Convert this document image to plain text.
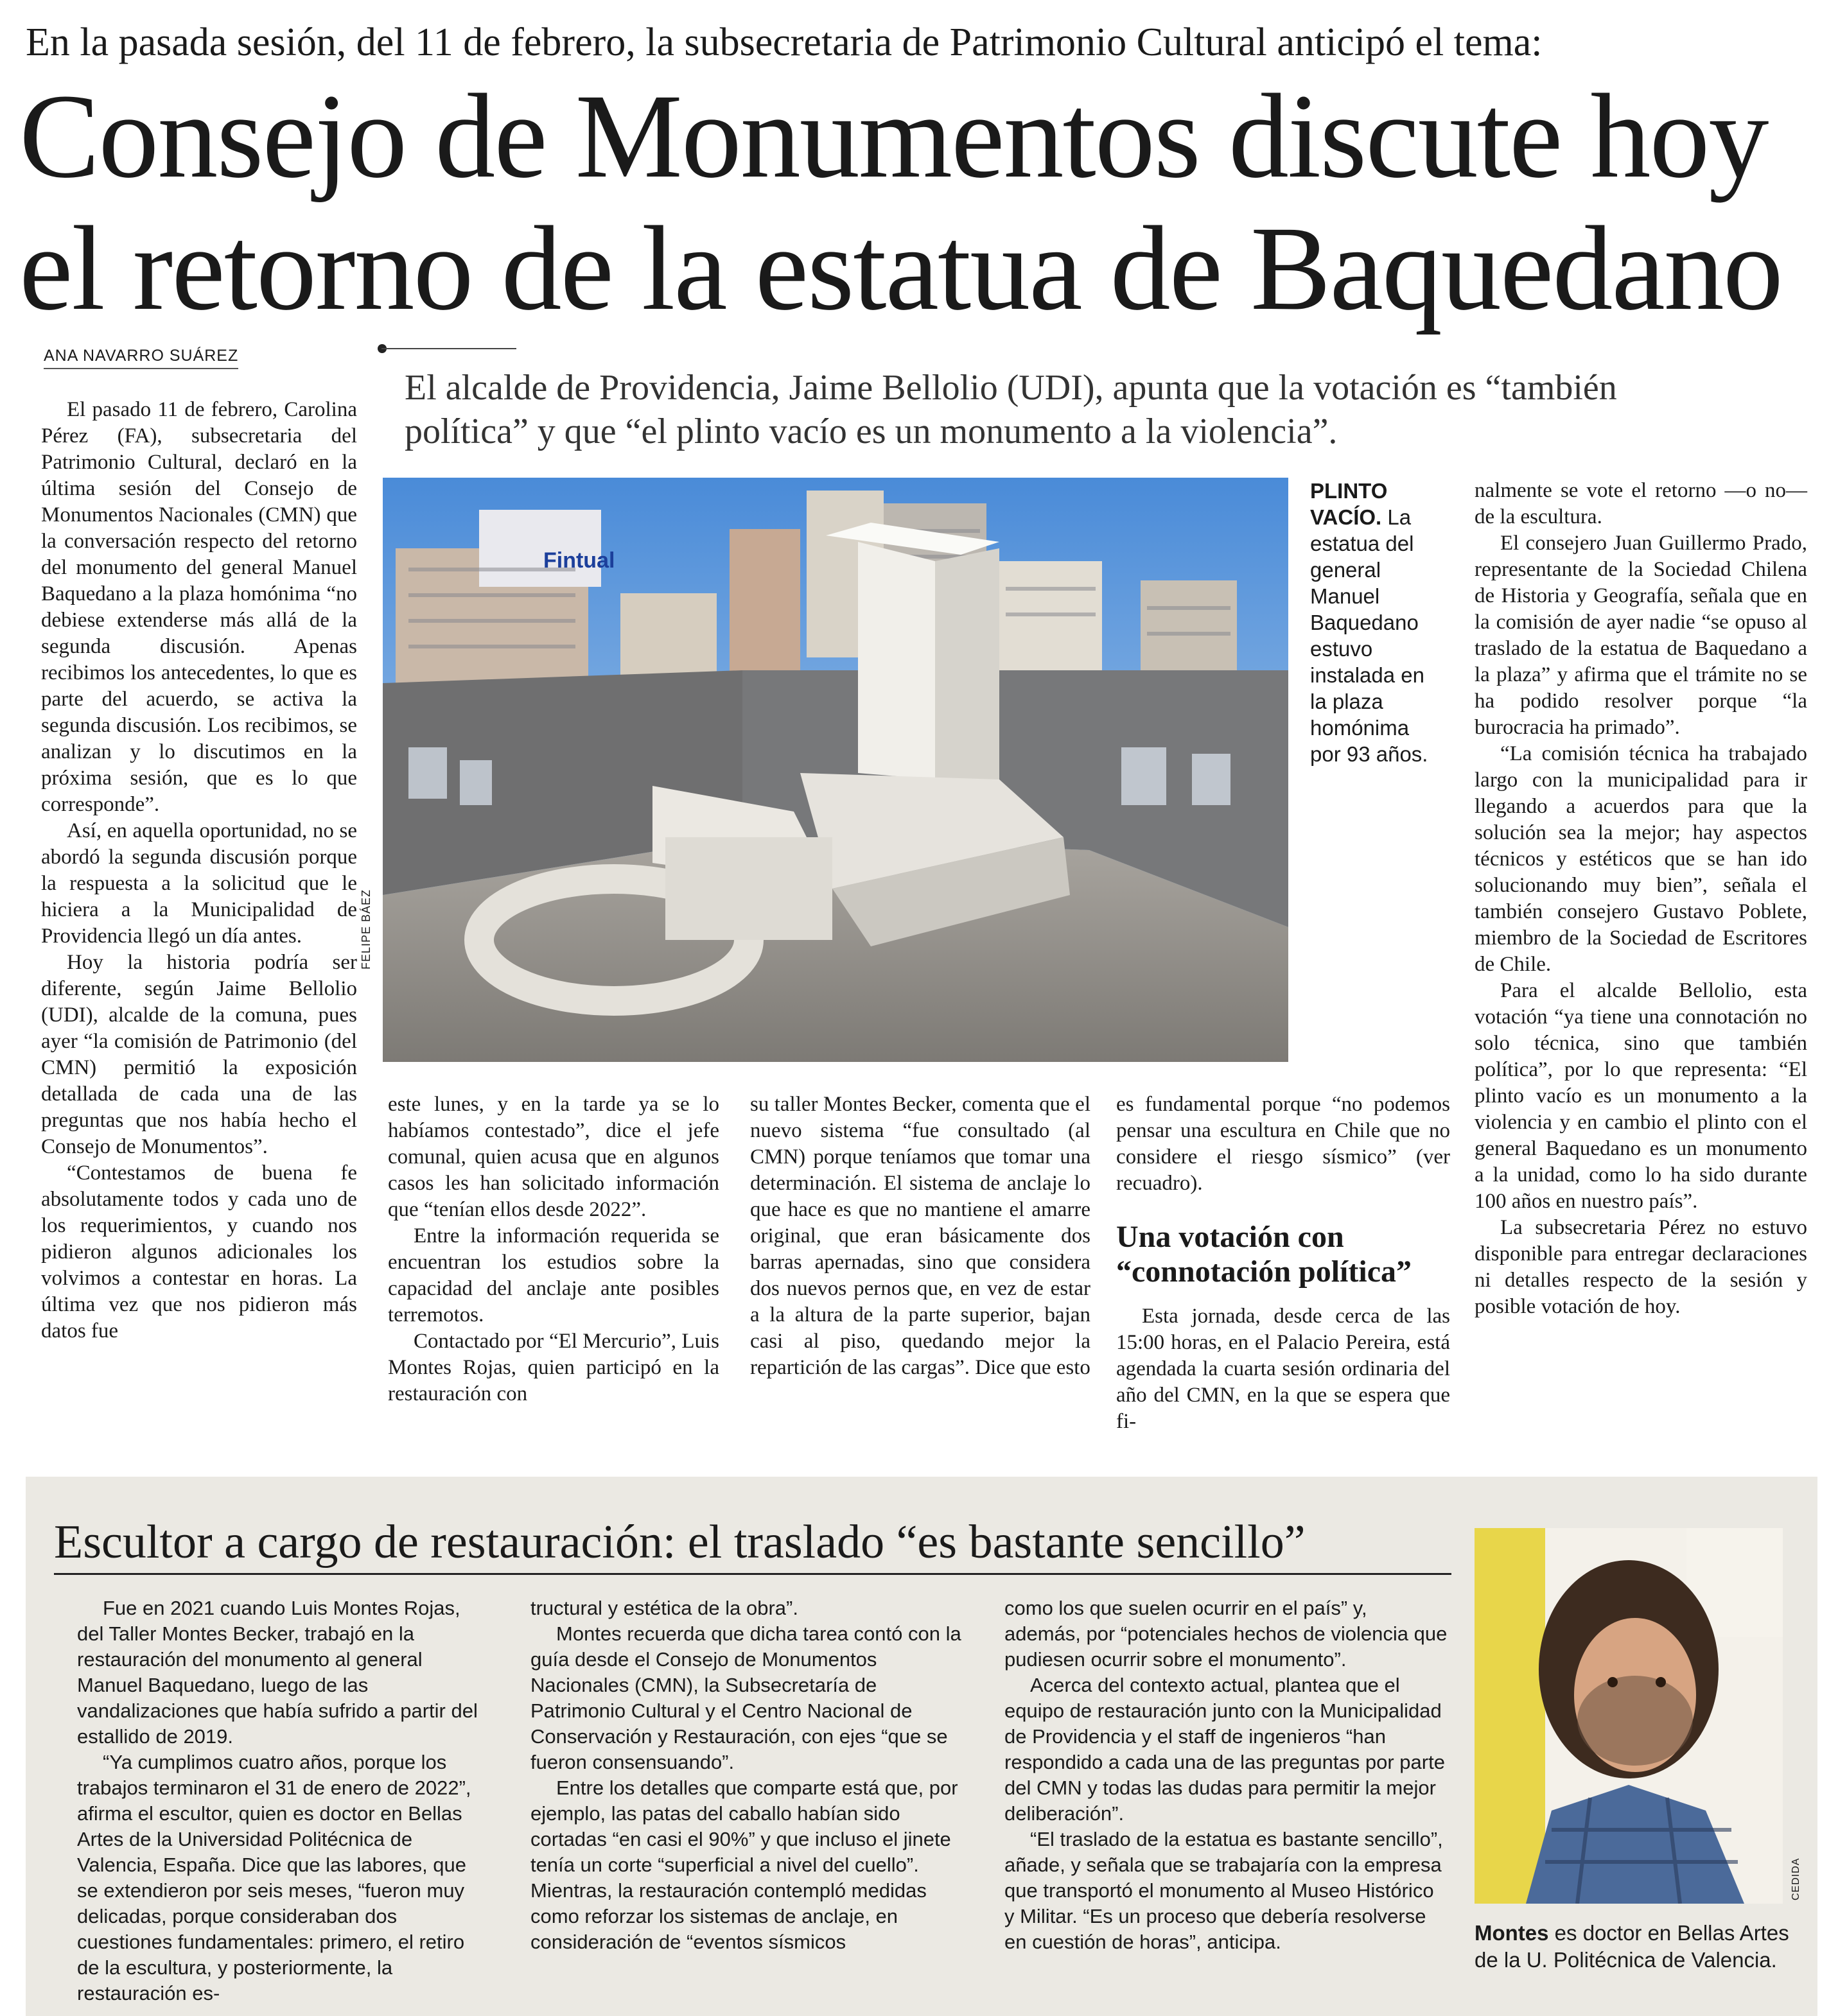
En la pasada sesión, del 11 de febrero, la subsecretaria de Patrimonio Cultural anticipó el tema:
Consejo de Monumentos discute hoy
el retorno de la estatua de Baquedano
ANA NAVARRO SUÁREZ
El alcalde de Providencia, Jaime Bellolio (UDI), apunta que la votación es “también política” y que “el plinto vacío es un monumento a la violencia”.

El pasado 11 de febrero, Carolina Pérez (FA), subsecretaria del Patrimonio Cultural, declaró en la última sesión del Consejo de Monumentos Nacionales (CMN) que la conversación respecto del retorno del monumento del general Manuel Baquedano a la plaza homónima “no debiese extenderse más allá de la segunda discusión. Apenas recibimos los antecedentes, lo que es parte del acuerdo, se activa la segunda discusión. Los recibimos, se analizan y lo discutimos en la próxima sesión, que es lo que corresponde”.

Así, en aquella oportunidad, no se abordó la segunda discusión porque la respuesta a la solicitud que le hiciera a la Municipalidad de Providencia llegó un día antes.

Hoy la historia podría ser diferente, según Jaime Bellolio (UDI), alcalde de la comuna, pues ayer “la comisión de Patrimonio (del CMN) permitió la exposición detallada de cada una de las preguntas que nos había hecho el Consejo de Monumentos”.

“Contestamos de buena fe absolutamente todos y cada uno de los requerimientos, y cuando nos pidieron algunos adicionales los volvimos a contestar en horas. La última vez que nos pidieron más datos fue

Fintual
FELIPE BÁEZ
PLINTO VACÍO. La estatua del general Manuel Baquedano estuvo instalada en la plaza homónima por 93 años.

este lunes, y en la tarde ya se lo habíamos contestado”, dice el jefe comunal, quien acusa que en algunos casos les han solicitado información que “tenían ellos desde 2022”.

Entre la información requerida se encuentran los estudios sobre la capacidad del anclaje ante posibles terremotos.

Contactado por “El Mercurio”, Luis Montes Rojas, quien participó en la restauración con

su taller Montes Becker, comenta que el nuevo sistema “fue consultado (al CMN) porque teníamos que tomar una determinación. El sistema de anclaje lo que hace es que no mantiene el amarre original, que eran básicamente dos barras apernadas, sino que considera dos nuevos pernos que, en vez de estar a la altura de la parte superior, bajan casi al piso, quedando mejor la repartición de las cargas”. Dice que esto

es fundamental porque “no podemos pensar una escultura en Chile que no considere el riesgo sísmico” (ver recuadro).

Una votación con “connotación política”

Esta jornada, desde cerca de las 15:00 horas, en el Palacio Pereira, está agendada la cuarta sesión ordinaria del año del CMN, en la que se espera que fi-

nalmente se vote el retorno —o no— de la escultura.

El consejero Juan Guillermo Prado, representante de la Sociedad Chilena de Historia y Geografía, señala que en la comisión de ayer nadie “se opuso al traslado de la estatua de Baquedano a la plaza” y afirma que el trámite no se ha podido resolver porque “la burocracia ha primado”.

“La comisión técnica ha trabajado largo con la municipalidad para ir llegando a acuerdos para que la solución sea la mejor; hay aspectos técnicos y estéticos que se han ido solucionando muy bien”, señala el también consejero Gustavo Poblete, miembro de la Sociedad de Escritores de Chile.

Para el alcalde Bellolio, esta votación “ya tiene una connotación no solo técnica, sino que también política”, por lo que representa: “El plinto vacío es un monumento a la violencia y en cambio el plinto con el general Baquedano es un monumento a la unidad, como lo ha sido durante 100 años en nuestro país”.

La subsecretaria Pérez no estuvo disponible para entregar declaraciones ni detalles respecto de la sesión y posible votación de hoy.

Escultor a cargo de restauración: el traslado “es bastante sencillo”

Fue en 2021 cuando Luis Montes Rojas, del Taller Montes Becker, trabajó en la restauración del monumento al general Manuel Baquedano, luego de las vandalizaciones que había sufrido a partir del estallido de 2019.

“Ya cumplimos cuatro años, porque los trabajos terminaron el 31 de enero de 2022”, afirma el escultor, quien es doctor en Bellas Artes de la Universidad Politécnica de Valencia, España. Dice que las labores, que se extendieron por seis meses, “fueron muy delicadas, porque consideraban dos cuestiones fundamentales: primero, el retiro de la escultura, y posteriormente, la restauración es-

tructural y estética de la obra”.

Montes recuerda que dicha tarea contó con la guía desde el Consejo de Monumentos Nacionales (CMN), la Subsecretaría de Patrimonio Cultural y el Centro Nacional de Conservación y Restauración, con ejes “que se fueron consensuando”.

Entre los detalles que comparte está que, por ejemplo, las patas del caballo habían sido cortadas “en casi el 90%” y que incluso el jinete tenía un corte “superficial a nivel del cuello”. Mientras, la restauración contempló medidas como reforzar los sistemas de anclaje, en consideración de “eventos sísmicos

como los que suelen ocurrir en el país” y, además, por “potenciales hechos de violencia que pudiesen ocurrir sobre el monumento”.

Acerca del contexto actual, plantea que el equipo de restauración junto con la Municipalidad de Providencia y el staff de ingenieros “han respondido a cada una de las preguntas por parte del CMN y todas las dudas para permitir la mejor deliberación”.

“El traslado de la estatua es bastante sencillo”, añade, y señala que se trabajaría con la empresa que transportó el monumento al Museo Histórico y Militar. “Es un proceso que debería resolverse en cuestión de horas”, anticipa.

CEDIDA
Montes es doctor en Bellas Artes de la U. Politécnica de Valencia.
